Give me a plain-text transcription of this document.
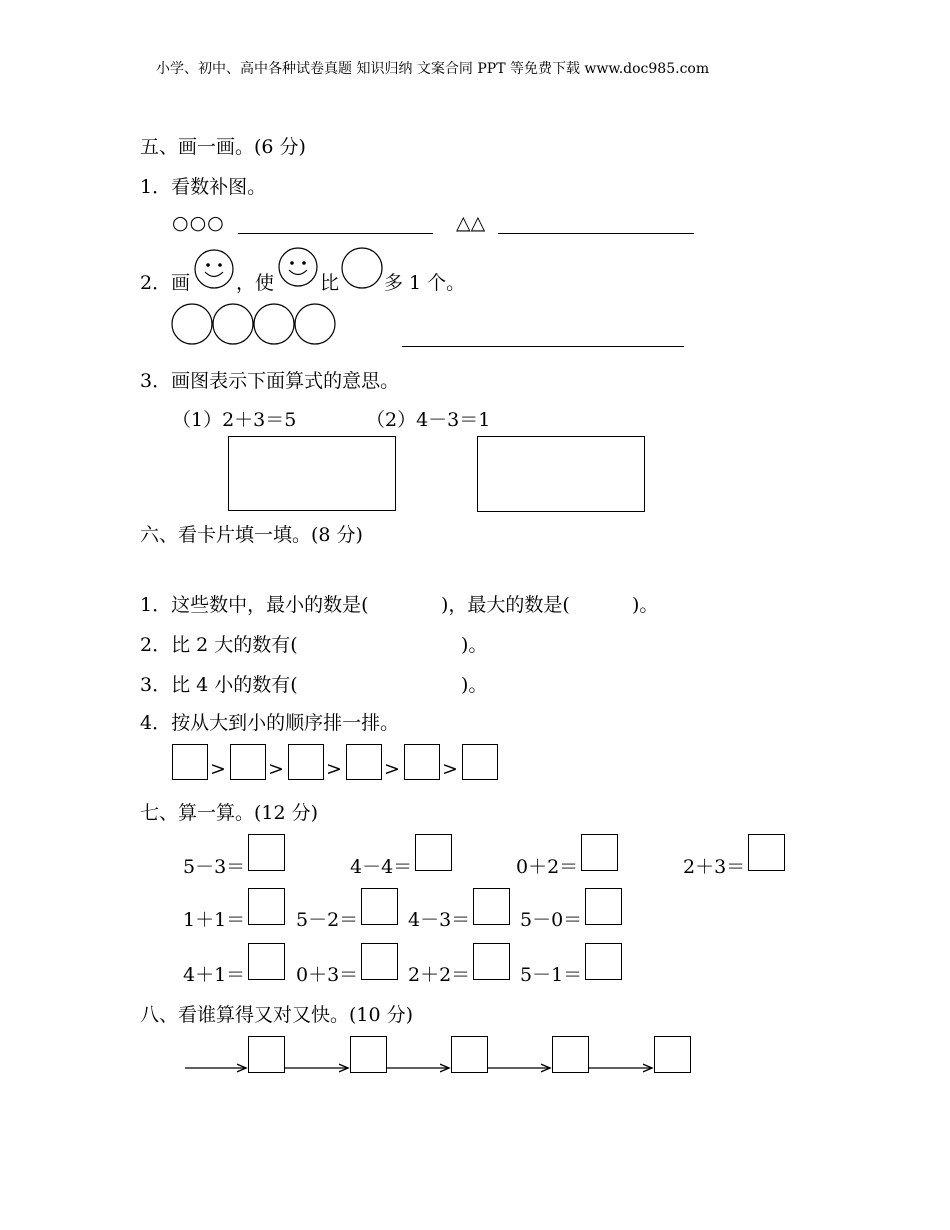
小学、初中、高中各种试卷真题 知识归纳 文案合同 PPT 等免费下载 www.doc985.com
五、画一画。(6 分)
1．看数补图。
○○○	△△
2．画 ，使 比 多 1 个。
3．画图表示下面算式的意思。
（1）2＋3＝5	（2）4－3＝1
六、看卡片填一填。(8 分)
1．这些数中，最小的数是(	)，最大的数是(	)。
2．比 2 大的数有(	)。
3．比 4 小的数有(	)。
4．按从大到小的顺序排一排。
> > > > >
七、算一算。(12 分)
5－3＝	4－4＝	0＋2＝	2＋3＝
1＋1＝	5－2＝	4－3＝	5－0＝
4＋1＝	0＋3＝	2＋2＝	5－1＝
八、看谁算得又对又快。(10 分)
